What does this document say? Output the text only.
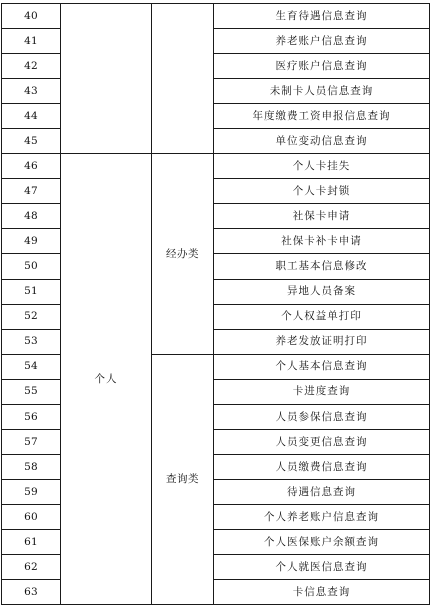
40			生育待遇信息查询
41			养老账户信息查询
42			医疗账户信息查询
43			未制卡人员信息查询
44			年度缴费工资申报信息查询
45			单位变动信息查询
46	个人	经办类	个人卡挂失
47			个人卡封锁
48			社保卡申请
49			社保卡补卡申请
50			职工基本信息修改
51			异地人员备案
52			个人权益单打印
53			养老发放证明打印
54		查询类	个人基本信息查询
55			卡进度查询
56			人员参保信息查询
57			人员变更信息查询
58			人员缴费信息查询
59			待遇信息查询
60			个人养老账户信息查询
61			个人医保账户余额查询
62			个人就医信息查询
63			卡信息查询
